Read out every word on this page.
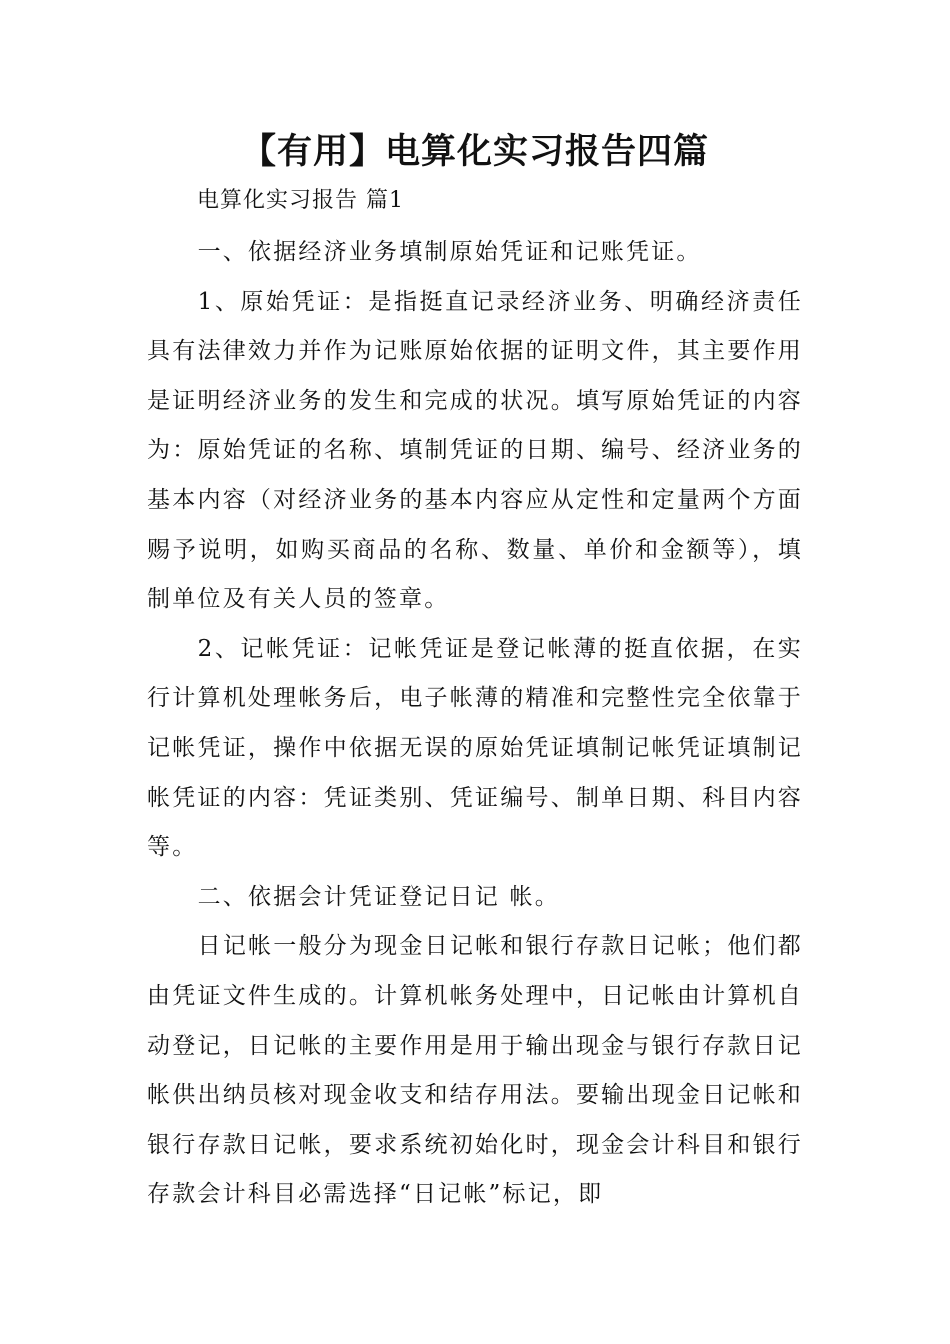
【有用】电算化实习报告四篇
电算化实习报告 篇1

一、依据经济业务填制原始凭证和记账凭证。

1、原始凭证：是指挺直记录经济业务、明确经济责任具有法律效力并作为记账原始依据的证明文件，其主要作用是证明经济业务的发生和完成的状况。填写原始凭证的内容为：原始凭证的名称、填制凭证的日期、编号、经济业务的基本内容（对经济业务的基本内容应从定性和定量两个方面赐予说明，如购买商品的名称、数量、单价和金额等），填制单位及有关人员的签章。

2、记帐凭证：记帐凭证是登记帐薄的挺直依据，在实行计算机处理帐务后，电子帐薄的精准和完整性完全依靠于记帐凭证，操作中依据无误的原始凭证填制记帐凭证填制记帐凭证的内容：凭证类别、凭证编号、制单日期、科目内容等。

二、依据会计凭证登记日记 帐。

日记帐一般分为现金日记帐和银行存款日记帐；他们都由凭证文件生成的。计算机帐务处理中，日记帐由计算机自动登记，日记帐的主要作用是用于输出现金与银行存款日记帐供出纳员核对现金收支和结存用法。要输出现金日记帐和银行存款日记帐，要求系统初始化时，现金会计科目和银行存款会计科目必需选择“日记帐”标记，即
